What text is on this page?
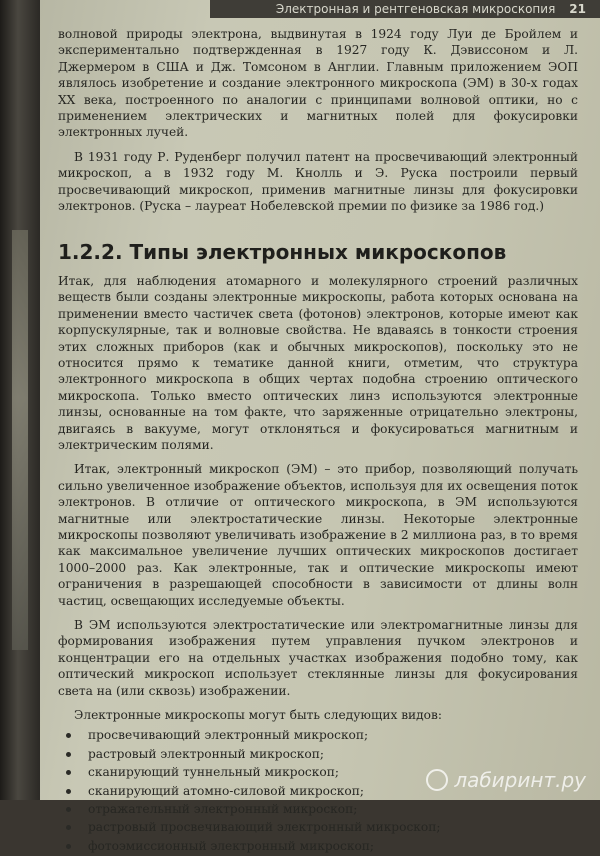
Электронная и рентгеновская микроскопия 21

волновой природы электрона, выдвинутая в 1924 году Луи де Бройлем и экспериментально подтвержденная в 1927 году К. Дэвиссоном и Л. Джермером в США и Дж. Томсоном в Англии. Главным приложением ЭОП являлось изобретение и создание электронного микроскопа (ЭМ) в 30-х годах XX века, построенного по аналогии с принципами волновой оптики, но с применением электрических и магнитных полей для фокусировки электронных лучей.

В 1931 году Р. Руденберг получил патент на просвечивающий электронный микроскоп, а в 1932 году М. Кнолль и Э. Руска построили первый просвечивающий микроскоп, применив магнитные линзы для фокусировки электронов. (Руска – лауреат Нобелевской премии по физике за 1986 год.)

1.2.2. Типы электронных микроскопов

Итак, для наблюдения атомарного и молекулярного строений различных веществ были созданы электронные микроскопы, работа которых основана на применении вместо частичек света (фотонов) электронов, которые имеют как корпускулярные, так и волновые свойства. Не вдаваясь в тонкости строения этих сложных приборов (как и обычных микроскопов), поскольку это не относится прямо к тематике данной книги, отметим, что структура электронного микроскопа в общих чертах подобна строению оптического микроскопа. Только вместо оптических линз используются электронные линзы, основанные на том факте, что заряженные отрицательно электроны, двигаясь в вакууме, могут отклоняться и фокусироваться магнитным и электрическим полями.

Итак, электронный микроскоп (ЭМ) – это прибор, позволяющий получать сильно увеличенное изображение объектов, используя для их освещения поток электронов. В отличие от оптического микроскопа, в ЭМ используются магнитные или электростатические линзы. Некоторые электронные микроскопы позволяют увеличивать изображение в 2 миллиона раз, в то время как максимальное увеличение лучших оптических микроскопов достигает 1000–2000 раз. Как электронные, так и оптические микроскопы имеют ограничения в разрешающей способности в зависимости от длины волн частиц, освещающих исследуемые объекты.

В ЭМ используются электростатические или электромагнитные линзы для формирования изображения путем управления пучком электронов и концентрации его на отдельных участках изображения подобно тому, как оптический микроскоп использует стеклянные линзы для фокусирования света на (или сквозь) изображении.

Электронные микроскопы могут быть следующих видов:

просвечивающий электронный микроскоп;
растровый электронный микроскоп;
сканирующий туннельный микроскоп;
сканирующий атомно-силовой микроскоп;
отражательный электронный микроскоп;
растровый просвечивающий электронный микроскоп;
фотоэмиссионный электронный микроскоп;
лабиринт.ру
